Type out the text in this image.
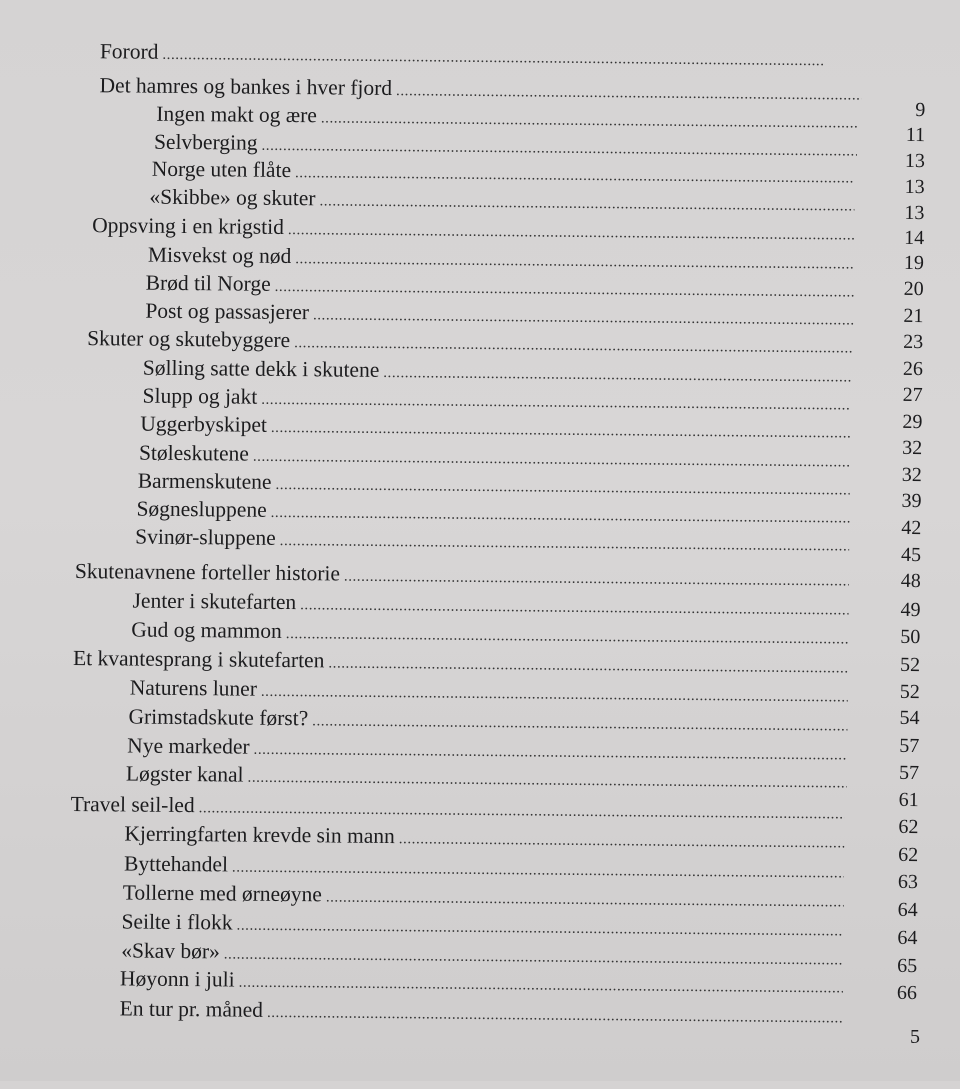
Forord
. . .
Det hamres og bankes i hver fjord
. . .
Ingen makt og ære
. . .
Selvberging
. . .
Norge uten flåte
. . .
«Skibbe» og skuter
. . .
Oppsving i en krigstid
. . .
Misvekst og nød
. . .
Brød til Norge
. . .
Post og passasjerer
. . .
Skuter og skutebyggere
. . .
Sølling satte dekk i skutene
. . .
Slupp og jakt
. . .
Uggerbyskipet
. . .
Støleskutene
. . .
Barmenskutene
. . .
Søgnesluppene
. . .
Svinør-sluppene
. . .
Skutenavnene forteller historie
. . .
Jenter i skutefarten
. . .
Gud og mammon
. . .
Et kvantesprang i skutefarten
. . .
Naturens luner
. . .
Grimstadskute først?
. . .
Nye markeder
. . .
Løgster kanal
. . .
Travel seil-led
. . .
Kjerringfarten krevde sin mann
. . .
Byttehandel
. . .
Tollerne med ørneøyne
. . .
Seilte i flokk
. . .
«Skav bør»
. . .
Høyonn i juli
. . .
En tur pr. måned
. . .
9
11
13
13
13
14
19
20
21
23
26
27
29
32
32
39
42
45
48
49
50
52
52
54
57
57
61
62
62
63
64
64
65
66
5
